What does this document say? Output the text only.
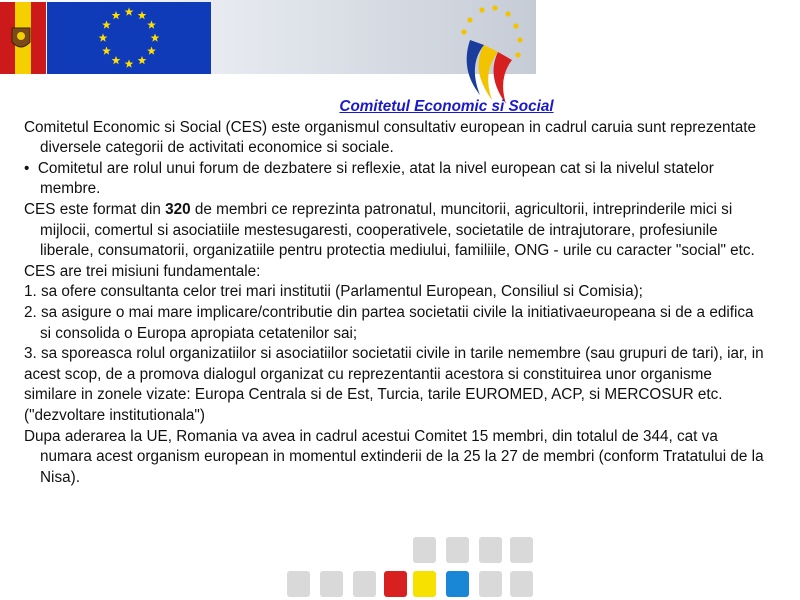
Comitetul Economic si Social

Comitetul Economic si Social (CES) este organismul consultativ european in cadrul caruia sunt reprezentate diversele categorii de activitati economice si sociale.

• Comitetul are rolul unui forum de dezbatere si reflexie, atat la nivel european cat si la nivelul statelor membre.

CES este format din 320 de membri ce reprezinta patronatul, muncitorii, agricultorii, intreprinderile mici si mijlocii, comertul si asociatiile mestesugaresti, cooperativele, societatile de intrajutorare, profesiunile liberale, consumatorii, organizatiile pentru protectia mediului, familiile, ONG - urile cu caracter "social" etc.

CES are trei misiuni fundamentale:

1. sa ofere consultanta celor trei mari institutii (Parlamentul European, Consiliul si Comisia);

2. sa asigure o mai mare implicare/contributie din partea societatii civile la initiativaeuropeana si de a edifica si consolida o Europa apropiata cetatenilor sai;

3. sa sporeasca rolul organizatiilor si asociatiilor societatii civile in tarile nemembre (sau grupuri de tari), iar, in acest scop, de a promova dialogul organizat cu reprezentantii acestora si constituirea unor organisme similare in zonele vizate: Europa Centrala si de Est, Turcia, tarile EUROMED, ACP, si MERCOSUR etc. ("dezvoltare institutionala")

Dupa aderarea la UE, Romania va avea in cadrul acestui Comitet 15 membri, din totalul de 344, cat va numara acest organism european in momentul extinderii de la 25 la 27 de membri (conform Tratatului de la Nisa).
